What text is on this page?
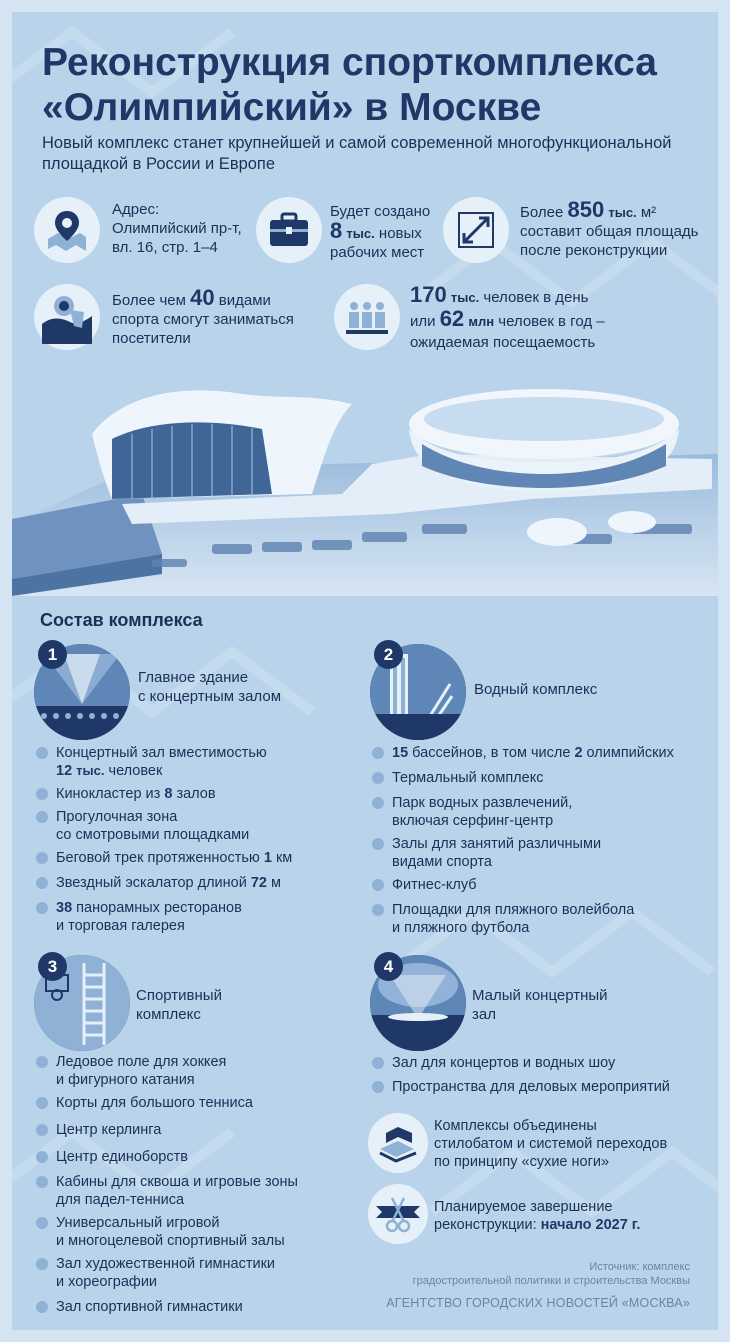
Реконструкция спорткомплекса
«Олимпийский» в Москве
Новый комплекс станет крупнейшей и самой современной многофункциональной площадкой в России и Европе
Адрес:
Олимпийский пр-т,
вл. 16, стр. 1–4
Будет создано
8 тыс. новых
рабочих мест
Более 850 тыс. м²
составит общая площадь
после реконструкции
Более чем 40 видами
спорта смогут заниматься
посетители
170 тыс. человек в день
или 62 млн человек в год –
ожидаемая посещаемость
Состав комплекса
1
Главное здание
с концертным залом
Концертный зал вместимостью
12 тыс. человек
Кинокластер из 8 залов
Прогулочная зона
со смотровыми площадками
Беговой трек протяженностью 1 км
Звездный эскалатор длиной 72 м
38 панорамных ресторанов
и торговая галерея
2
Водный комплекс
15 бассейнов, в том числе 2 олимпийских
Термальный комплекс
Парк водных развлечений,
включая серфинг-центр
Залы для занятий различными
видами спорта
Фитнес-клуб
Площадки для пляжного волейбола
и пляжного футбола
3
Спортивный
комплекс
Ледовое поле для хоккея
и фигурного катания
Корты для большого тенниса
Центр керлинга
Центр единоборств
Кабины для сквоша и игровые зоны
для падел-тенниса
Универсальный игровой
и многоцелевой спортивный залы
Зал художественной гимнастики
и хореографии
Зал спортивной гимнастики
4
Малый концертный
зал
Зал для концертов и водных шоу
Пространства для деловых мероприятий
Комплексы объединены
стилобатом и системой переходов
по принципу «сухие ноги»
Планируемое завершение
реконструкции: начало 2027 г.
Источник: комплекс
градостроительной политики и строительства Москвы
АГЕНТСТВО ГОРОДСКИХ НОВОСТЕЙ «МОСКВА»
